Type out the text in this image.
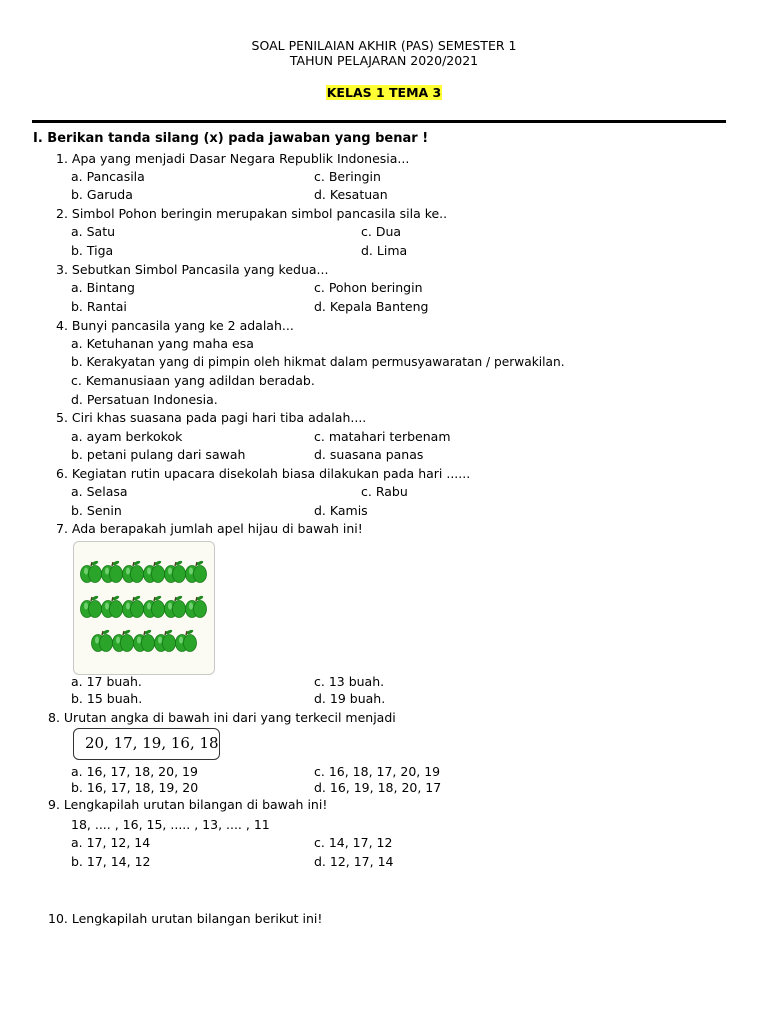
SOAL PENILAIAN AKHIR (PAS) SEMESTER 1
TAHUN PELAJARAN 2020/2021
KELAS 1 TEMA 3
I. Berikan tanda silang (x) pada jawaban yang benar !
1. Apa yang menjadi Dasar Negara Republik Indonesia...
a. Pancasila	c. Beringin
b. Garuda	d. Kesatuan
2. Simbol Pohon beringin merupakan simbol pancasila sila ke..
a. Satu	c. Dua
b. Tiga	d. Lima
3. Sebutkan Simbol Pancasila yang kedua...
a. Bintang	c. Pohon beringin
b. Rantai	d. Kepala Banteng
4. Bunyi pancasila yang ke 2 adalah...
a. Ketuhanan yang maha esa
b. Kerakyatan yang di pimpin oleh hikmat dalam permusyawaratan / perwakilan.
c. Kemanusiaan yang adildan beradab.
d. Persatuan Indonesia.
5. Ciri khas suasana pada pagi hari tiba adalah....
a. ayam berkokok	c. matahari terbenam
b. petani pulang dari sawah	d. suasana panas
6. Kegiatan rutin upacara disekolah biasa dilakukan pada hari ......
a. Selasa	c. Rabu
b. Senin	d. Kamis
7. Ada berapakah jumlah apel hijau di bawah ini!
a. 17 buah.	c. 13 buah.
b. 15 buah.	d. 19 buah.
8. Urutan angka di bawah ini dari yang terkecil menjadi
20, 17, 19, 16, 18
a. 16, 17, 18, 20, 19	c. 16, 18, 17, 20, 19
b. 16, 17, 18, 19, 20	d. 16, 19, 18, 20, 17
9. Lengkapilah urutan bilangan di bawah ini!
18, .... , 16, 15, ..... , 13, .... , 11
a. 17, 12, 14	c. 14, 17, 12
b. 17, 14, 12	d. 12, 17, 14
10. Lengkapilah urutan bilangan berikut ini!
